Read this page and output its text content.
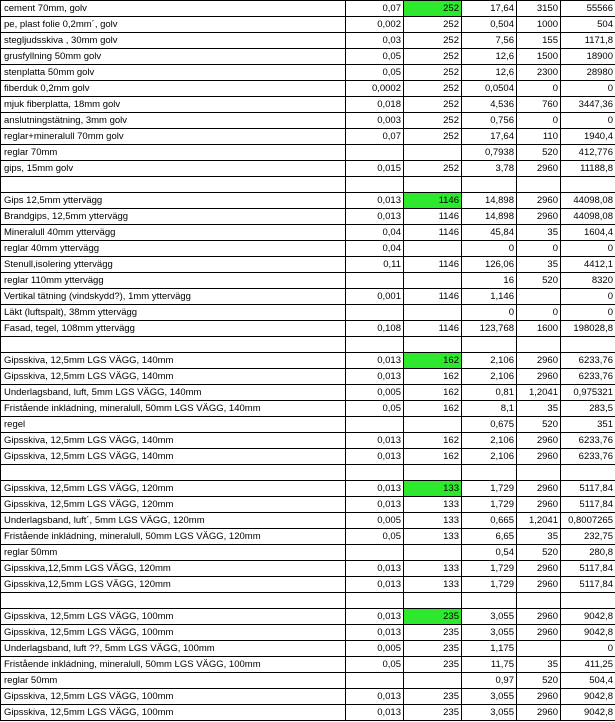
cement 70mm, golv	0,07	252	17,64	3150	55566
pe, plast folie 0,2mm´, golv	0,002	252	0,504	1000	504
stegljudsskiva , 30mm golv	0,03	252	7,56	155	1171,8
grusfyllning 50mm golv	0,05	252	12,6	1500	18900
stenplatta 50mm golv	0,05	252	12,6	2300	28980
fiberduk 0,2mm golv	0,0002	252	0,0504	0	0
mjuk fiberplatta, 18mm golv	0,018	252	4,536	760	3447,36
anslutningstätning, 3mm golv	0,003	252	0,756	0	0
reglar+mineralull 70mm golv	0,07	252	17,64	110	1940,4
reglar 70mm			0,7938	520	412,776
gips, 15mm golv	0,015	252	3,78	2960	11188,8

Gips 12,5mm yttervägg	0,013	1146	14,898	2960	44098,08
Brandgips, 12,5mm yttervägg	0,013	1146	14,898	2960	44098,08
Mineralull 40mm yttervägg	0,04	1146	45,84	35	1604,4
reglar 40mm yttervägg	0,04		0	0	0
Stenull,isolering yttervägg	0,11	1146	126,06	35	4412,1
reglar 110mm yttervägg			16	520	8320
Vertikal tätning (vindskydd?), 1mm yttervägg	0,001	1146	1,146		0
Läkt (luftspalt), 38mm yttervägg			0	0	0
Fasad, tegel, 108mm yttervägg	0,108	1146	123,768	1600	198028,8

Gipsskiva, 12,5mm LGS VÄGG, 140mm	0,013	162	2,106	2960	6233,76
Gipsskiva, 12,5mm LGS VÄGG, 140mm	0,013	162	2,106	2960	6233,76
Underlagsband, luft, 5mm LGS VÄGG, 140mm	0,005	162	0,81	1,2041	0,975321
Fristående inkládning, mineralull, 50mm LGS VÄGG, 140mm	0,05	162	8,1	35	283,5
regel			0,675	520	351
Gipsskiva, 12,5mm LGS VÄGG, 140mm	0,013	162	2,106	2960	6233,76
Gipsskiva, 12,5mm LGS VÄGG, 140mm	0,013	162	2,106	2960	6233,76

Gipsskiva, 12,5mm LGS VÄGG, 120mm	0,013	133	1,729	2960	5117,84
Gipsskiva, 12,5mm LGS VÄGG, 120mm	0,013	133	1,729	2960	5117,84
Underlagsband, luft´, 5mm LGS VÄGG, 120mm	0,005	133	0,665	1,2041	0,8007265
Fristående inkládning, mineralull, 50mm LGS VÄGG, 120mm	0,05	133	6,65	35	232,75
reglar 50mm			0,54	520	280,8
Gipsskiva,12,5mm LGS VÄGG, 120mm	0,013	133	1,729	2960	5117,84
Gipsskiva,12,5mm LGS VÄGG, 120mm	0,013	133	1,729	2960	5117,84

Gipsskiva, 12,5mm LGS VÄGG, 100mm	0,013	235	3,055	2960	9042,8
Gipsskiva, 12,5mm LGS VÄGG, 100mm	0,013	235	3,055	2960	9042,8
Underlagsband, luft ??, 5mm LGS VÄGG, 100mm	0,005	235	1,175		0
Fristående inkládning, mineralull, 50mm LGS VÄGG, 100mm	0,05	235	11,75	35	411,25
reglar 50mm			0,97	520	504,4
Gipsskiva, 12,5mm LGS VÄGG, 100mm	0,013	235	3,055	2960	9042,8
Gipsskiva, 12,5mm LGS VÄGG, 100mm	0,013	235	3,055	2960	9042,8
